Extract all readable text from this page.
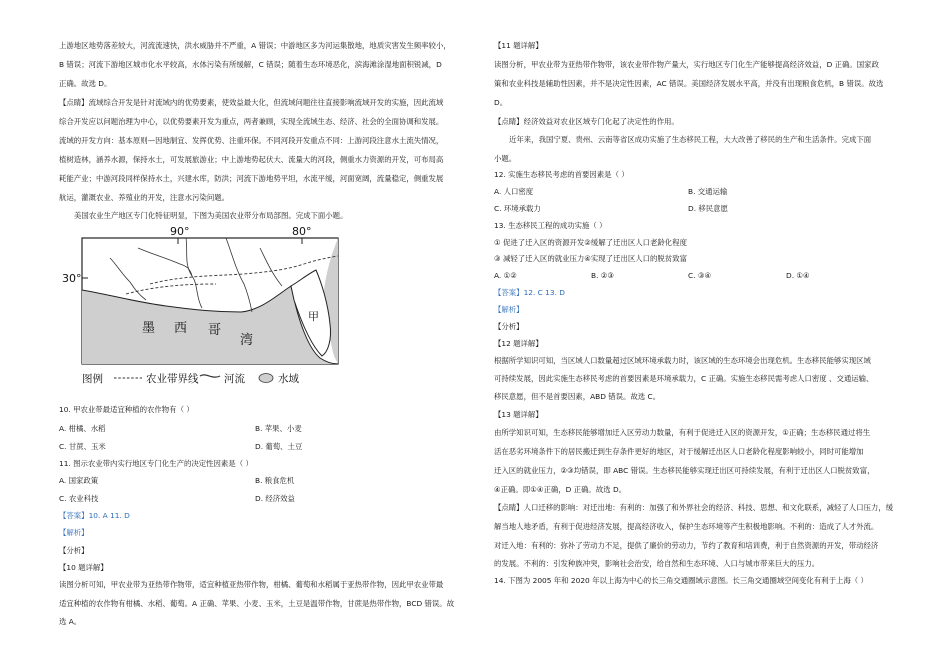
上游地区地势落差较大，河流流速快，洪水威胁并不严重，A 错误；中游地区多为河运集散地，地质灾害发生频率较小，
B 错误；河流下游地区城市化水平较高，水体污染有所缓解，C 错误；随着生态环境恶化，滨海滩涂湿地面积锐减，D
正确。故选 D。
【点睛】流域综合开发是针对流域内的优势要素，使效益最大化，但流域问题往往直接影响流域开发的实施，因此流域
综合开发应以问题治理为中心，以优势要素开发为重点，两者兼顾，实现全流域生态、经济、社会的全面协调和发展。
流域的开发方向：基本原则—因地制宜、发挥优势、注重环保。不同河段开发重点不同：上游河段注意水土流失情况，
植树造林，涵养水源，保持水土，可发展旅游业；中上游地势起伏大、流量大的河段，侧重水力资源的开发，可布局高
耗能产业；中游河段同样保持水土，兴建水库，防洪；河流下游地势平坦，水流平缓，河面宽阔，流量稳定，侧重发展
航运，灌溉农业、养殖业的开发，注意水污染问题。
美国农业生产地区专门化特征明显，下图为美国农业带分布局部图。完成下面小题。
90°	80°
30°
墨 西 哥
湾
甲
图例	农业带界线 河流	水域
10. 甲农业带最适宜种植的农作物有（ ）
A. 柑橘、水稻	B. 苹果、小麦
C. 甘蔗、玉米	D. 葡萄、土豆
11. 图示农业带内实行地区专门化生产的决定性因素是（ ）
A. 国家政策	B. 粮食危机
C. 农业科技	D. 经济效益
【答案】10. A 11. D
【解析】
【分析】
【10 题详解】
读图分析可知，甲农业带为亚热带作物带，适宜种植亚热带作物，柑橘、葡萄和水稻属于亚热带作物，因此甲农业带最
适宜种植的农作物有柑橘、水稻、葡萄。A 正确、苹果、小麦、玉米，土豆是温带作物，甘蔗是热带作物，BCD 错误。故
选 A。
【11 题详解】
读图分析，甲农业带为亚热带作物带，该农业带作物产量大，实行地区专门化生产能够提高经济效益，D 正确。国家政
策和农业科技是辅助性因素，并不是决定性因素，AC 错误。美国经济发展水平高，并没有出现粮食危机，B 错误。故选
D。
【点睛】经济效益对农业区域专门化起了决定性的作用。
近年来，我国宁夏、贵州、云南等省区成功实施了生态移民工程，大大改善了移民的生产和生活条件。完成下面
小题。
12. 实施生态移民考虑的首要因素是（ ）
A. 人口密度	B. 交通运输
C. 环境承载力	D. 移民意愿
13. 生态移民工程的成功实施（ ）
① 促进了迁入区的资源开发②缓解了迁出区人口老龄化程度
③ 减轻了迁入区的就业压力④实现了迁出区人口的脱贫致富
A. ①②	B. ②③	C. ③④	D. ①④
【答案】12. C 13. D
【解析】
【分析】
【12 题详解】
根据所学知识可知，当区域人口数量超过区域环境承载力时，该区域的生态环境会出现危机。生态移民能够实现区域
可持续发展，因此实施生态移民考虑的首要因素是环境承载力，C 正确。实施生态移民需考虑人口密度 、交通运输、
移民意愿，但不是首要因素，ABD 错误。故选 C。
【13 题详解】
由所学知识可知，生态移民能够增加迁入区劳动力数量，有利于促进迁入区的资源开发，①正确；生态移民通过将生
活在恶劣环境条件下的居民搬迁到生存条件更好的地区，对于缓解迁出区人口老龄化程度影响较小，同时可能增加
迁入区的就业压力，②③均错误，即 ABC 错误。生态移民能够实现迁出区可持续发展，有利于迁出区人口脱贫致富，
④正确。即①④正确，D 正确。故选 D。
【点睛】人口迁移的影响：对迁出地：有利的：加强了和外界社会的经济、科技、思想、和文化联系，减轻了人口压力，缓
解当地人地矛盾，有利于促进经济发展，提高经济收入，保护生态环境等产生积极地影响。不利的：造成了人才外流。
对迁入地：有利的：弥补了劳动力不足，提供了廉价的劳动力，节约了教育和培训费，利于自然资源的开发，带动经济
的发展。不利的：引发种族冲突，影响社会治安，给自然和生态环境、人口与城市带来巨大的压力。
14. 下图为 2005 年和 2020 年以上海为中心的长三角交通圈域示意图。长三角交通圈域空间变化有利于上海（ ）
